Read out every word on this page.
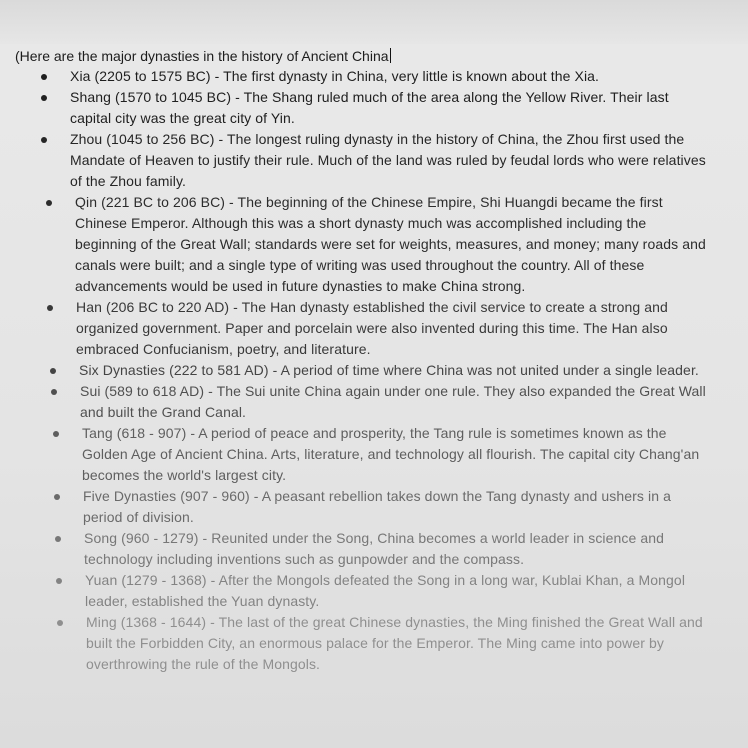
(Here are the major dynasties in the history of Ancient China

Xia (2205 to 1575 BC) - The first dynasty in China, very little is known about the Xia.
Shang (1570 to 1045 BC) - The Shang ruled much of the area along the Yellow River. Their last capital city was the great city of Yin.
Zhou (1045 to 256 BC) - The longest ruling dynasty in the history of China, the Zhou first used the Mandate of Heaven to justify their rule. Much of the land was ruled by feudal lords who were relatives of the Zhou family.
Qin (221 BC to 206 BC) - The beginning of the Chinese Empire, Shi Huangdi became the first Chinese Emperor. Although this was a short dynasty much was accomplished including the beginning of the Great Wall; standards were set for weights, measures, and money; many roads and canals were built; and a single type of writing was used throughout the country. All of these advancements would be used in future dynasties to make China strong.
Han (206 BC to 220 AD) - The Han dynasty established the civil service to create a strong and organized government. Paper and porcelain were also invented during this time. The Han also embraced Confucianism, poetry, and literature.
Six Dynasties (222 to 581 AD) - A period of time where China was not united under a single leader.
Sui (589 to 618 AD) - The Sui unite China again under one rule. They also expanded the Great Wall and built the Grand Canal.
Tang (618 - 907) - A period of peace and prosperity, the Tang rule is sometimes known as the Golden Age of Ancient China. Arts, literature, and technology all flourish. The capital city Chang'an becomes the world's largest city.
Five Dynasties (907 - 960) - A peasant rebellion takes down the Tang dynasty and ushers in a period of division.
Song (960 - 1279) - Reunited under the Song, China becomes a world leader in science and technology including inventions such as gunpowder and the compass.
Yuan (1279 - 1368) - After the Mongols defeated the Song in a long war, Kublai Khan, a Mongol leader, established the Yuan dynasty.
Ming (1368 - 1644) - The last of the great Chinese dynasties, the Ming finished the Great Wall and built the Forbidden City, an enormous palace for the Emperor. The Ming came into power by overthrowing the rule of the Mongols.
